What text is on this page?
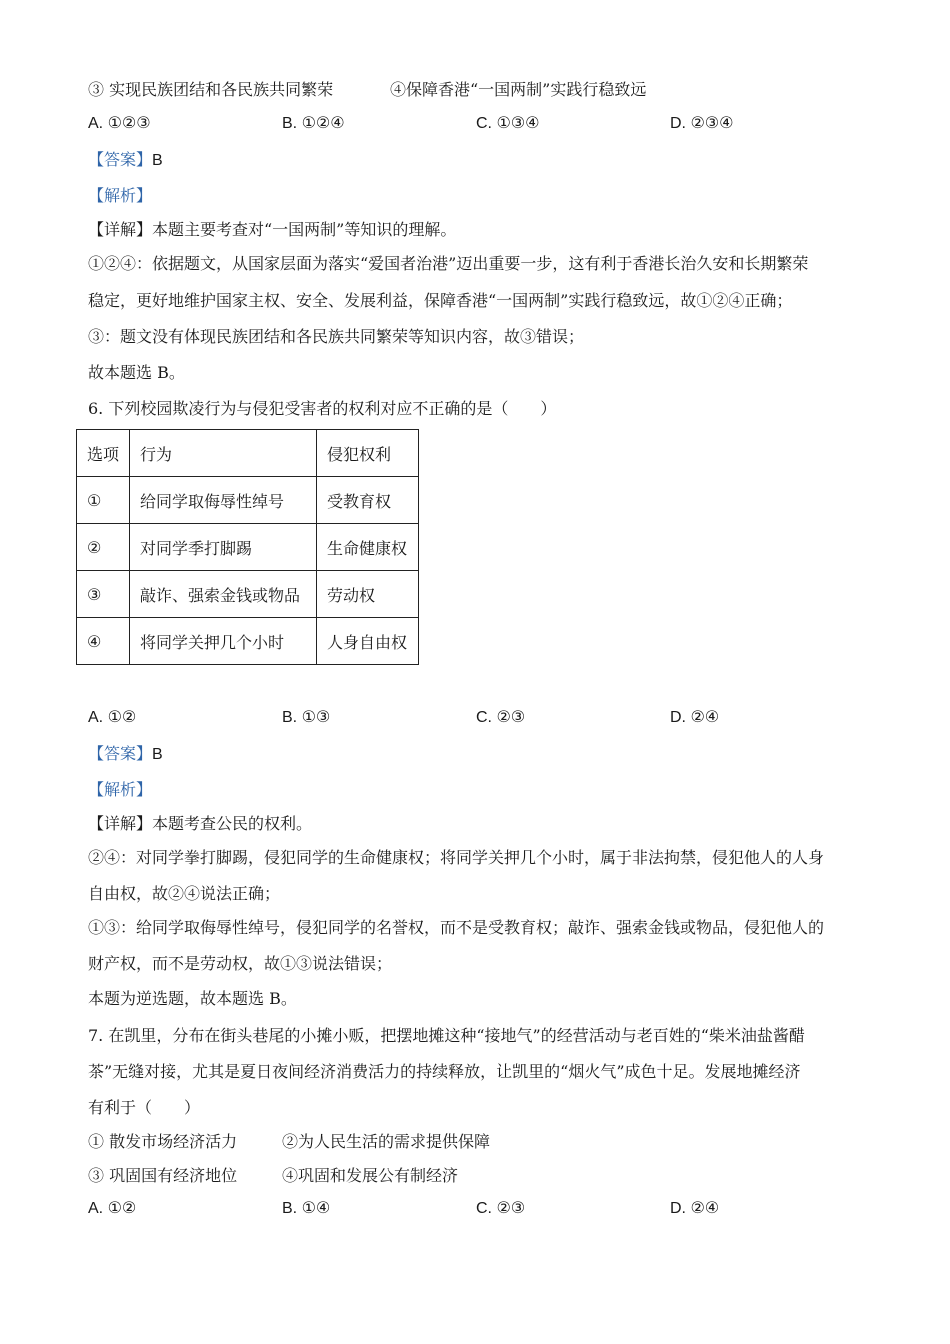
③ 实现民族团结和各民族共同繁荣	④保障香港“一国两制”实践行稳致远
A. ①②③	B. ①②④	C. ①③④	D. ②③④
【答案】B
【解析】
【详解】本题主要考查对“一国两制”等知识的理解。
①②④：依据题文，从国家层面为落实“爱国者治港”迈出重要一步，这有利于香港长治久安和长期繁荣
稳定，更好地维护国家主权、安全、发展利益，保障香港“一国两制”实践行稳致远，故①②④正确；
③：题文没有体现民族团结和各民族共同繁荣等知识内容，故③错误；
故本题选 B。
6. 下列校园欺凌行为与侵犯受害者的权利对应不正确的是（　　）
选项	行为	侵犯权利
①	给同学取侮辱性绰号	受教育权
②	对同学季打脚踢	生命健康权
③	敲诈、强索金钱或物品	劳动权
④	将同学关押几个小时	人身自由权
A. ①②	B. ①③	C. ②③	D. ②④
【答案】B
【解析】
【详解】本题考查公民的权利。
②④：对同学拳打脚踢，侵犯同学的生命健康权；将同学关押几个小时，属于非法拘禁，侵犯他人的人身
自由权，故②④说法正确；
①③：给同学取侮辱性绰号，侵犯同学的名誉权，而不是受教育权；敲诈、强索金钱或物品，侵犯他人的
财产权，而不是劳动权，故①③说法错误；
本题为逆选题，故本题选 B。
7. 在凯里，分布在街头巷尾的小摊小贩，把摆地摊这种“接地气”的经营活动与老百姓的“柴米油盐酱醋
茶”无缝对接，尤其是夏日夜间经济消费活力的持续释放，让凯里的“烟火气”成色十足。发展地摊经济
有利于（　　）
① 散发市场经济活力	②为人民生活的需求提供保障
③ 巩固国有经济地位	④巩固和发展公有制经济
A. ①②	B. ①④	C. ②③	D. ②④
